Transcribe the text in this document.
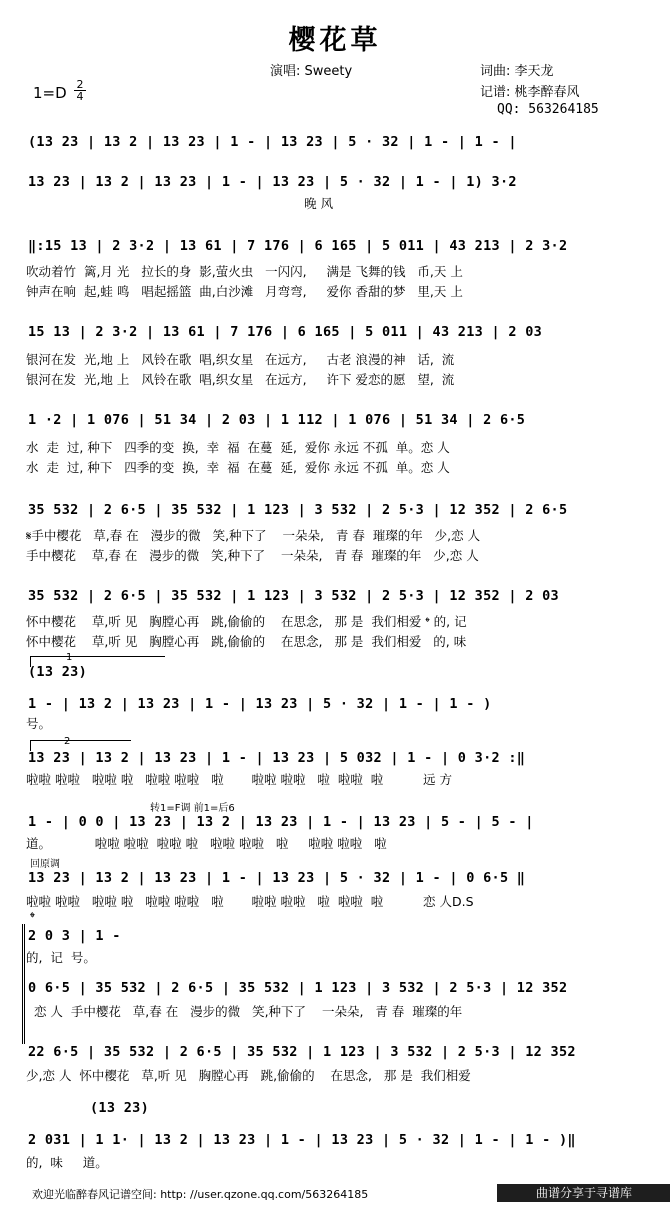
樱花草
演唱: Sweety	词曲: 李天龙
记谱: 桃李醉春风
QQ: 563264185
1=D 2
4
(13 23 | 13 2 | 13 23 | 1 - | 13 23 | 5 · 32 | 1 - | 1 - |
13 23 | 13 2 | 13 23 | 1 - | 13 23 | 5 · 32 | 1 - | 1) 3·2
晚 风
‖:15 13 | 2 3·2 | 13 61 | 7 176 | 6 165 | 5 011 | 43 213 | 2 3·2
吹动着竹  篱,月 光   拉长的身  影,萤火虫   一闪闪,     满是 飞舞的钱   币,天 上
钟声在响  起,蛙 鸣   唱起摇篮  曲,白沙滩   月弯弯,     爱你 香甜的梦   里,天 上
15 13 | 2 3·2 | 13 61 | 7 176 | 6 165 | 5 011 | 43 213 | 2 03
银河在发  光,地 上   风铃在歌  唱,织女星   在远方,     古老 浪漫的神   话,  流
银河在发  光,地 上   风铃在歌  唱,织女星   在远方,     许下 爱恋的愿   望,  流
1 ·2 | 1 076 | 51 34 | 2 03 | 1 112 | 1 076 | 51 34 | 2 6·5
水  走  过, 种下   四季的变  换,  幸  福  在蔓  延,  爱你 永远 不孤  单。恋 人
水  走  过, 种下   四季的变  换,  幸  福  在蔓  延,  爱你 永远 不孤  单。恋 人
35 532 | 2 6·5 | 35 532 | 1 123 | 3 532 | 2 5·3 | 12 352 | 2 6·5
𝄋手中樱花   草,春 在   漫步的微   笑,种下了    一朵朵,   青 春  璀璨的年   少,恋 人
手中樱花    草,春 在   漫步的微   笑,种下了    一朵朵,   青 春  璀璨的年   少,恋 人
35 532 | 2 6·5 | 35 532 | 1 123 | 3 532 | 2 5·3 | 12 352 | 2 03
怀中樱花    草,听 见   胸膛心再   跳,偷偷的    在思念,   那 是  我们相爱 𝄌 的, 记
怀中樱花    草,听 见   胸膛心再   跳,偷偷的    在思念,   那 是  我们相爱   的, 味
1
(13 23)
1 - | 13 2 | 13 23 | 1 - | 13 23 | 5 · 32 | 1 - | 1 - )
号。
2
13 23 | 13 2 | 13 23 | 1 - | 13 23 | 5 032 | 1 - | 0 3·2 :‖
啦啦 啦啦   啦啦 啦   啦啦 啦啦   啦       啦啦 啦啦   啦  啦啦  啦          远 方
转1=F调 前1=后6
1 - | 0 0 | 13 23 | 13 2 | 13 23 | 1 - | 13 23 | 5 - | 5 - |
道。           啦啦 啦啦  啦啦 啦   啦啦 啦啦   啦     啦啦 啦啦   啦
回原调
13 23 | 13 2 | 13 23 | 1 - | 13 23 | 5 · 32 | 1 - | 0 6·5 ‖
啦啦 啦啦   啦啦 啦   啦啦 啦啦   啦       啦啦 啦啦   啦  啦啦  啦          恋 人D.S
𝄌
2 0 3 | 1 -
的,  记  号。
0 6·5 | 35 532 | 2 6·5 | 35 532 | 1 123 | 3 532 | 2 5·3 | 12 352
恋 人  手中樱花   草,春 在   漫步的微   笑,种下了    一朵朵,   青 春  璀璨的年
22 6·5 | 35 532 | 2 6·5 | 35 532 | 1 123 | 3 532 | 2 5·3 | 12 352
少,恋 人  怀中樱花   草,听 见   胸膛心再   跳,偷偷的    在思念,   那 是  我们相爱
(13 23)
2 031 | 1 1· | 13 2 | 13 23 | 1 - | 13 23 | 5 · 32 | 1 - | 1 - )‖
的,  味     道。
欢迎光临醉春风记谱空间: http: //user.qzone.qq.com/563264185	曲谱分享于寻谱库
